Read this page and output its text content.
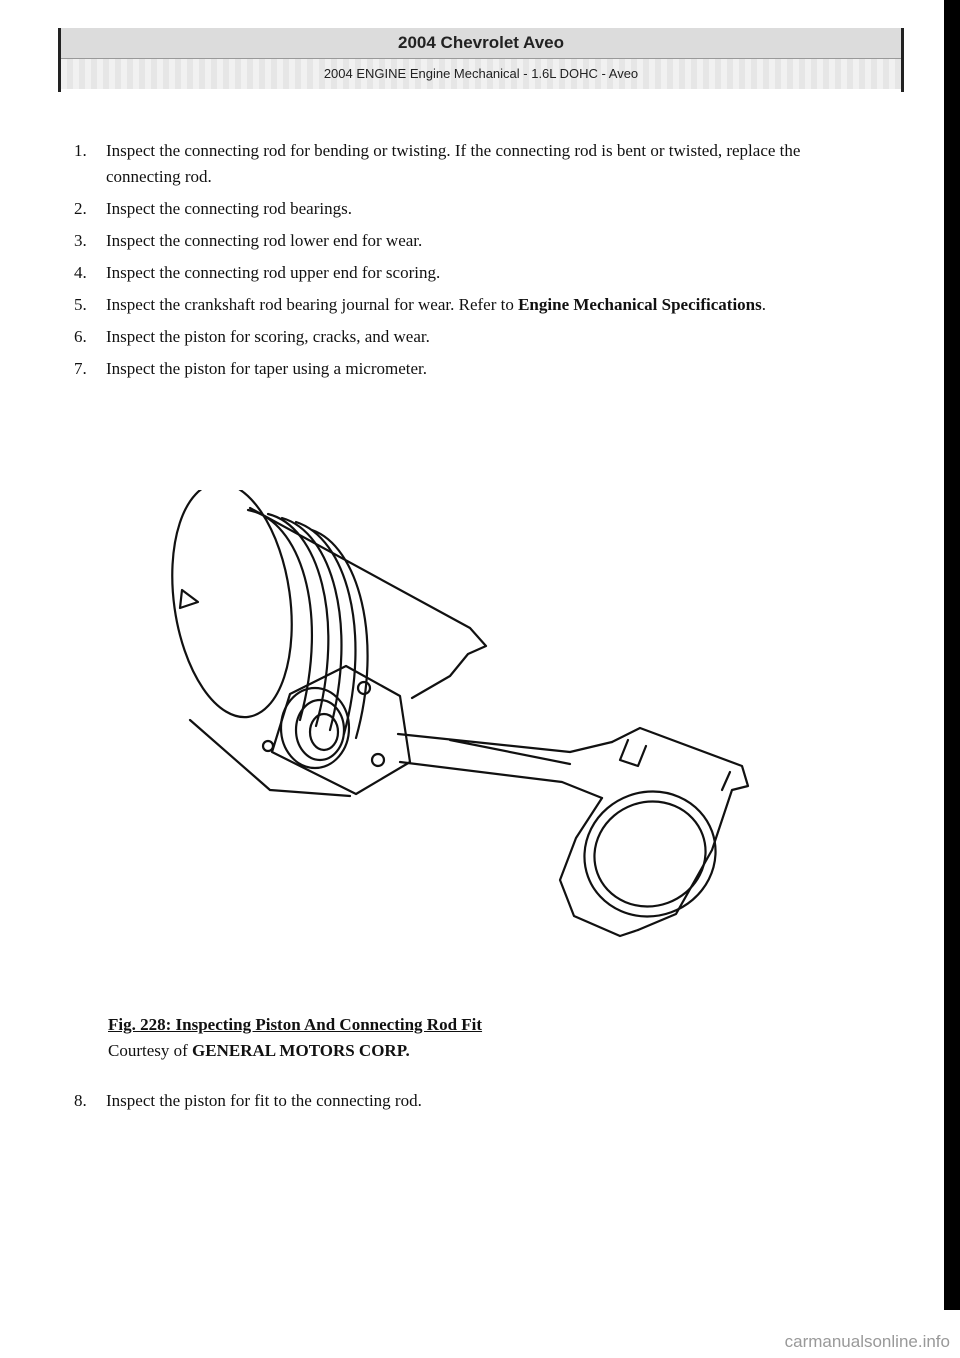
2004 Chevrolet Aveo
2004 ENGINE Engine Mechanical - 1.6L DOHC - Aveo
1.	Inspect the connecting rod for bending or twisting. If the connecting rod is bent or twisted, replace the connecting rod.
2.	Inspect the connecting rod bearings.
3.	Inspect the connecting rod lower end for wear.
4.	Inspect the connecting rod upper end for scoring.
5.	Inspect the crankshaft rod bearing journal for wear. Refer to Engine Mechanical Specifications.
6.	Inspect the piston for scoring, cracks, and wear.
7.	Inspect the piston for taper using a micrometer.
Fig. 228: Inspecting Piston And Connecting Rod Fit
Courtesy of GENERAL MOTORS CORP.
8.	Inspect the piston for fit to the connecting rod.
carmanualsonline.info
